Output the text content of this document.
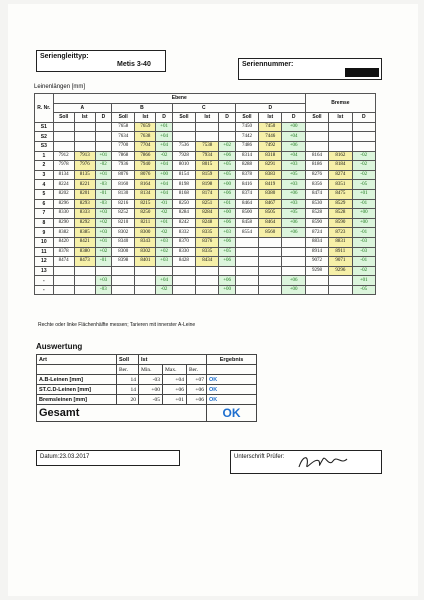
Seriengleittyp:
Metis 3-40	Seriennummer:
Leinenlängen [mm]
R. Nr.	Ebene												Bremse		
	A			B			C			D					
	Soll	Ist	D	Soll	Ist	D	Soll	Ist	D	Soll	Ist	D	Soll	Ist	D
S1				7658	7659	+01				7450	7450	+00			
S2				7634	7638	+04				7442	7446	+04			
S3				7700	7704	+04	7536	7538	+02	7486	7492	+06			
1	7912	7913	+01	7868	7866	-02	7928	7934	+06	8314	8318	+04	8164	8162	-02
2	7978	7976	-02	7936	7940	+04	8010	8015	+05	8288	8291	+03	8186	8184	-02
3	8134	8135	+01	8076	8076	+00	8154	8159	+05	8378	8383	+05	8276	8274	-02
4	8224	8221	-03	8160	8164	+04	8198	8198	+00	8416	8419	+03	8356	8351	-05
5	8202	8201	-01	8130	8134	+04	8168	8174	+06	8374	8380	+06	8474	8475	+01
6	8296	8293	-03	8216	8215	-01	8250	8251	+01	8464	8467	+03	8530	8529	-01
7	8330	8333	+03	8252	8250	-02	8284	8284	+00	8500	8505	+05	8528	8528	+00
8	8290	8292	+02	8210	8211	+01	8242	8248	+06	8458	8464	+06	8590	8590	+00
9	8382	8385	+03	8302	8300	-02	8332	8335	+03	8554	8560	+06	8724	8723	-01
10	8420	8421	+01	8340	8343	+03	8370	8376	+06				8834	8831	-03
11	8378	8380	+02	8300	8302	+02	8330	8335	+05				8914	8911	-03
12	8474	8473	-01	8398	8401	+03	8428	8434	+06				9072	9071	-01
13													9298	9296	-02
-			+03			+04			+06			+06			+01
-			-03			-02			+00			+00			-05
Rechte oder linke Flächenhälfte messen; Tarieren mit innerster A-Leine
Auswertung
Art	Soll	Ist			Ergebnis
	Ber.	Min.	Max.	Ber.	
A.B-Leinen [mm]	14	-03	+04	+07	OK
ST.C.D-Leinen [mm]	14	+00	+06	+06	OK
Bremsleinen [mm]	20	-05	+01	+06	OK
Gesamt					OK
Datum:23.03.2017	Unterschrift Prüfer:
